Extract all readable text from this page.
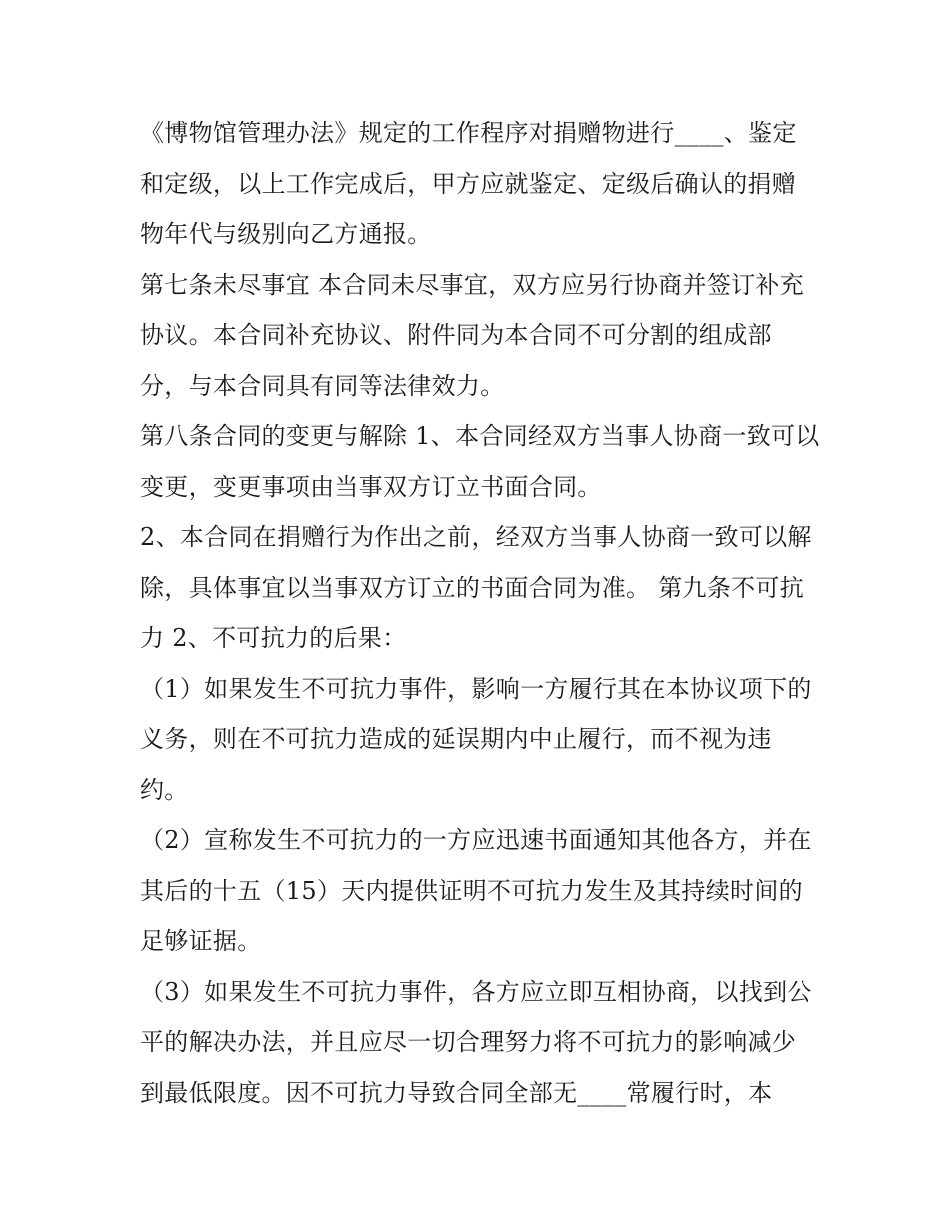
《博物馆管理办法》规定的工作程序对捐赠物进行____、鉴定和定级，以上工作完成后，甲方应就鉴定、定级后确认的捐赠物年代与级别向乙方通报。

第七条未尽事宜 本合同未尽事宜，双方应另行协商并签订补充协议。本合同补充协议、附件同为本合同不可分割的组成部分，与本合同具有同等法律效力。

第八条合同的变更与解除 1、本合同经双方当事人协商一致可以变更，变更事项由当事双方订立书面合同。

2、本合同在捐赠行为作出之前，经双方当事人协商一致可以解除，具体事宜以当事双方订立的书面合同为准。 第九条不可抗力 2、不可抗力的后果：

（1）如果发生不可抗力事件，影响一方履行其在本协议项下的义务，则在不可抗力造成的延误期内中止履行，而不视为违约。

（2）宣称发生不可抗力的一方应迅速书面通知其他各方，并在其后的十五（15）天内提供证明不可抗力发生及其持续时间的足够证据。

（3）如果发生不可抗力事件，各方应立即互相协商，以找到公平的解决办法，并且应尽一切合理努力将不可抗力的影响减少到最低限度。因不可抗力导致合同全部无____常履行时，本
